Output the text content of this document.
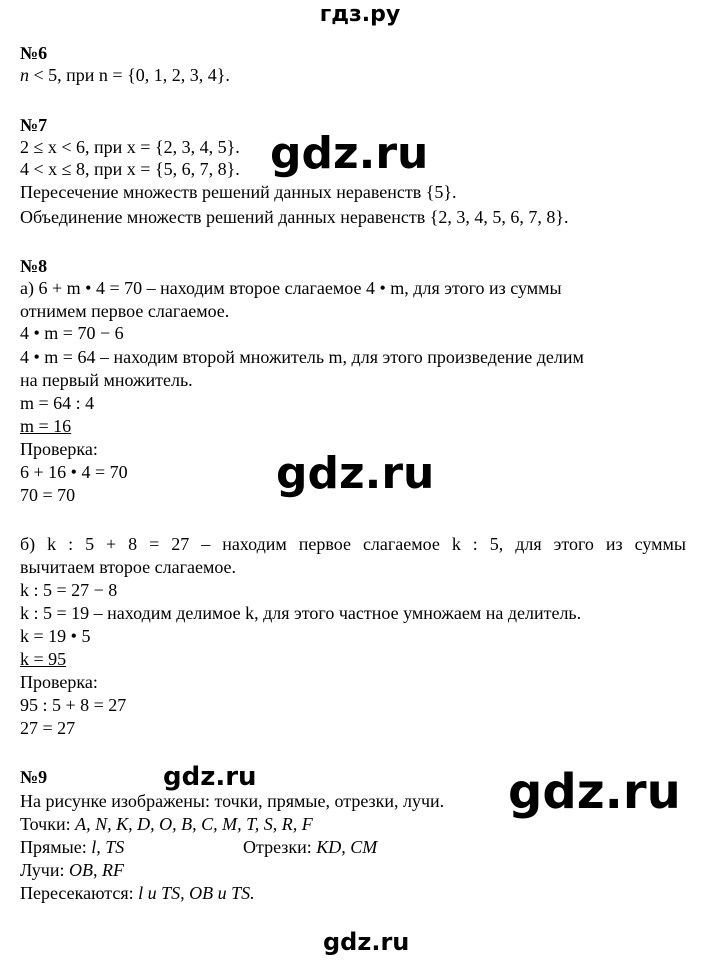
гдз.ру
№6
n < 5, при n = {0, 1, 2, 3, 4}.
№7
2 ≤ x < 6, при x = {2, 3, 4, 5}.
4 < x ≤ 8, при x = {5, 6, 7, 8}.
Пересечение множеств решений данных неравенств {5}.
Объединение множеств решений данных неравенств {2, 3, 4, 5, 6, 7, 8}.
gdz.ru
№8
а) 6 + m • 4 = 70 – находим второе слагаемое 4 • m, для этого из суммы
отнимем первое слагаемое.
4 • m = 70 − 6
4 • m = 64 – находим второй множитель m, для этого произведение делим
на первый множитель.
m = 64 : 4
m = 16
Проверка:
6 + 16 • 4 = 70
70 = 70	gdz.ru
б) k : 5 + 8 = 27 – находим первое слагаемое k : 5, для этого из суммы
вычитаем второе слагаемое.
k : 5 = 27 − 8
k : 5 = 19 – находим делимое k, для этого частное умножаем на делитель.
k = 19 • 5
k = 95
Проверка:
95 : 5 + 8 = 27
27 = 27
№9	gdz.ru
На рисунке изображены: точки, прямые, отрезки, лучи. gdz.ru
Точки: A, N, K, D, O, B, C, M, T, S, R, F
Прямые: l, TS	Отрезки: KD, CM
Лучи: OB, RF
Пересекаются: l и TS, OB и TS.
gdz.ru
